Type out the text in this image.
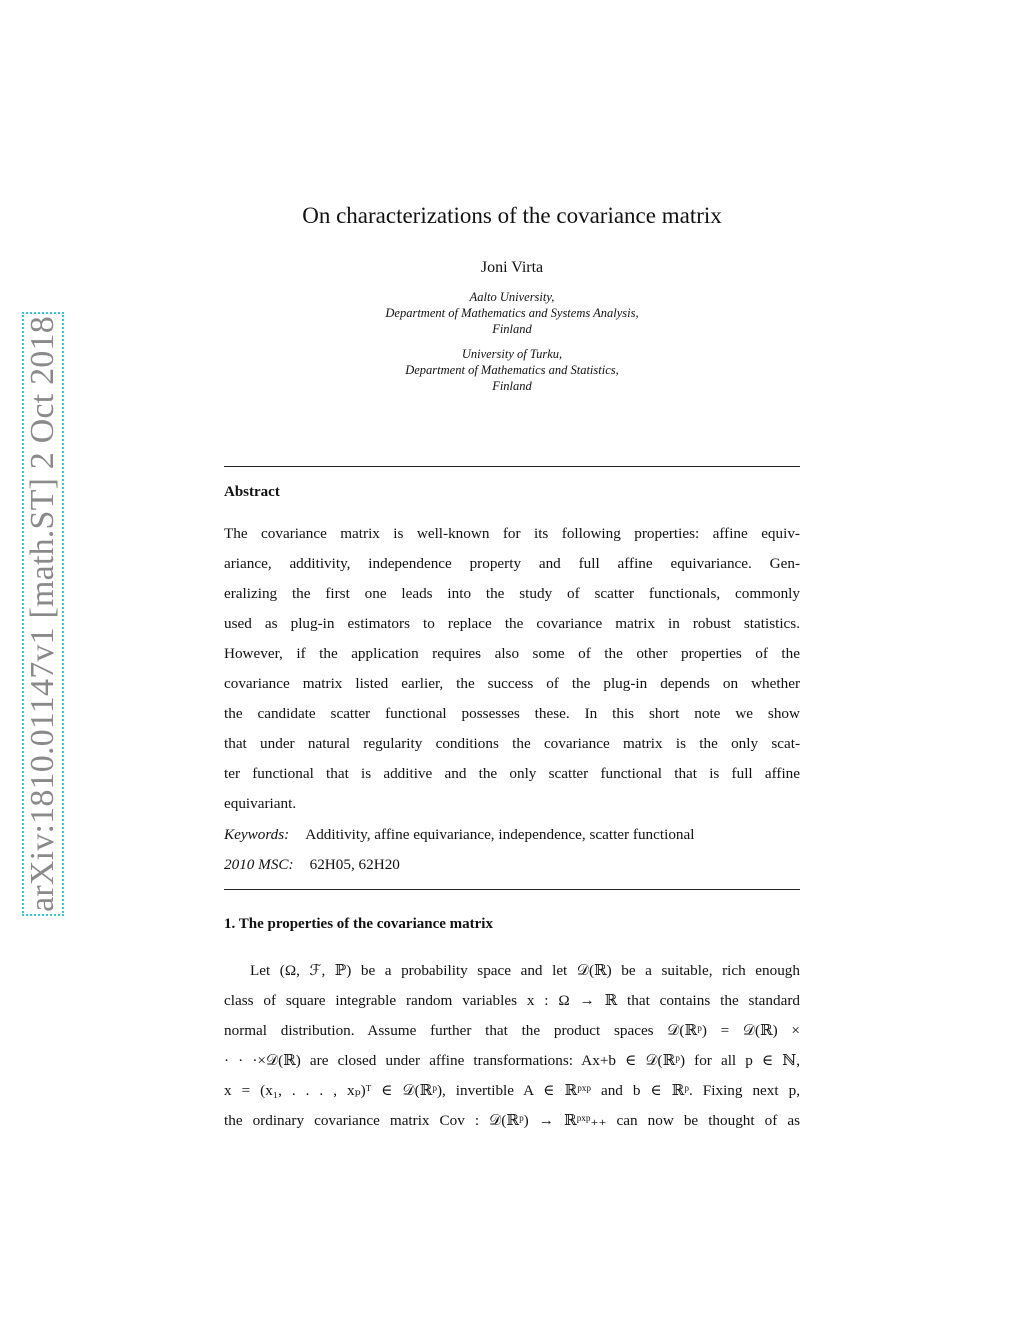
arXiv:1810.01147v1 [math.ST] 2 Oct 2018
On characterizations of the covariance matrix
Joni Virta
Aalto University,
Department of Mathematics and Systems Analysis,
Finland
University of Turku,
Department of Mathematics and Statistics,
Finland
Abstract
The covariance matrix is well-known for its following properties: affine equiv-
ariance, additivity, independence property and full affine equivariance. Gen-
eralizing the first one leads into the study of scatter functionals, commonly
used as plug-in estimators to replace the covariance matrix in robust statistics.
However, if the application requires also some of the other properties of the
covariance matrix listed earlier, the success of the plug-in depends on whether
the candidate scatter functional possesses these. In this short note we show
that under natural regularity conditions the covariance matrix is the only scat-
ter functional that is additive and the only scatter functional that is full affine
equivariant.
Keywords: Additivity, affine equivariance, independence, scatter functional
2010 MSC: 62H05, 62H20
1. The properties of the covariance matrix
Let (Ω, ℱ, ℙ) be a probability space and let 𝒟(ℝ) be a suitable, rich enough
class of square integrable random variables x : Ω → ℝ that contains the standard
normal distribution. Assume further that the product spaces 𝒟(ℝᵖ) = 𝒟(ℝ) ×
· · ·×𝒟(ℝ) are closed under affine transformations: Ax+b ∈ 𝒟(ℝᵖ) for all p ∈ ℕ,
x = (x₁, . . . , xₚ)ᵀ ∈ 𝒟(ℝᵖ), invertible A ∈ ℝᵖˣᵖ and b ∈ ℝᵖ. Fixing next p,
the ordinary covariance matrix Cov : 𝒟(ℝᵖ) → ℝᵖˣᵖ₊₊ can now be thought of as
